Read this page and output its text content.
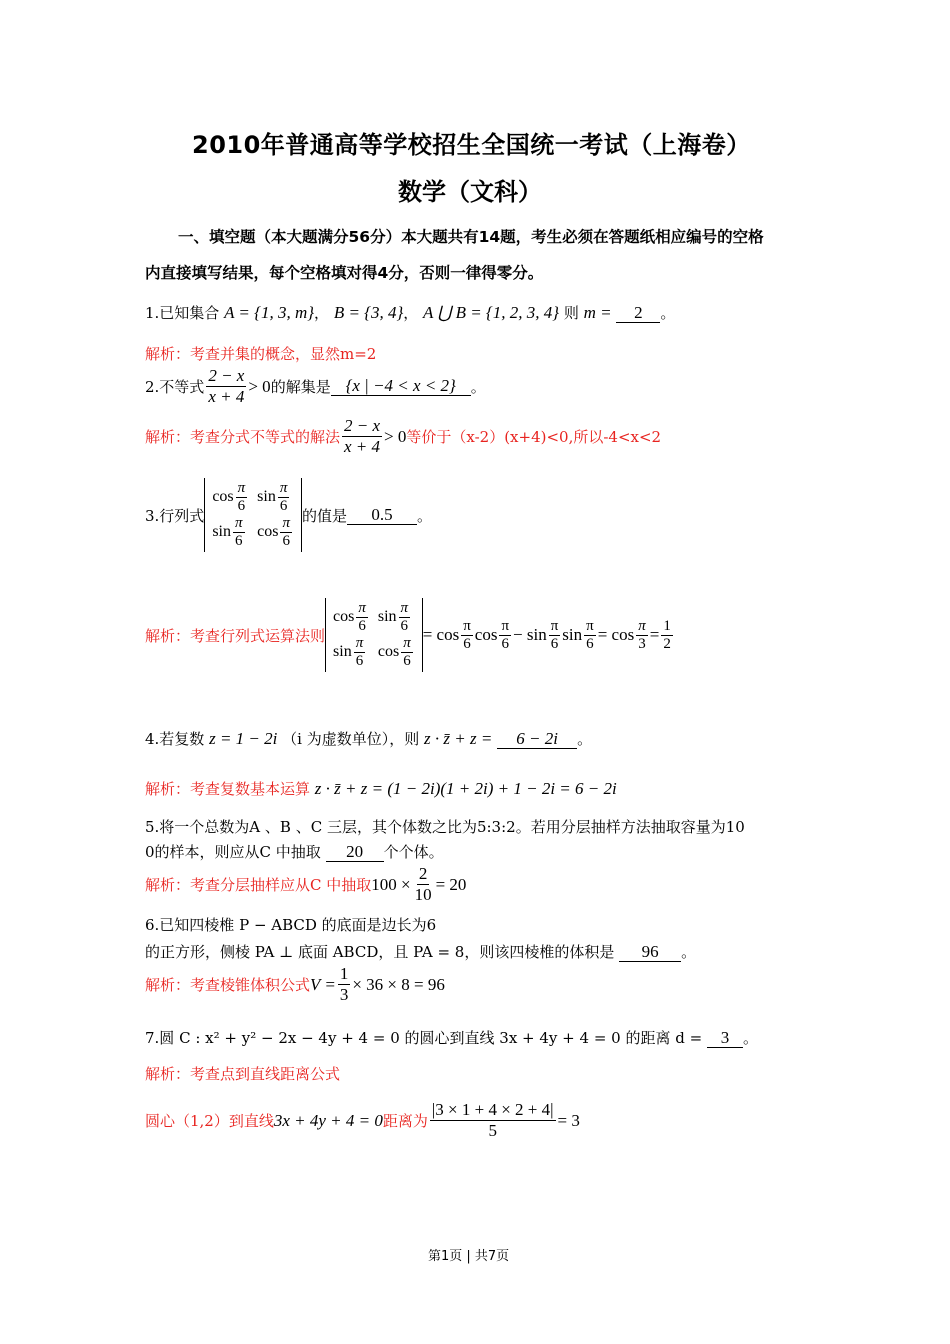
2010年普通高等学校招生全国统一考试（上海卷）
数学（文科）
一、填空题（本大题满分56分）本大题共有14题，考生必须在答题纸相应编号的空格
内直接填写结果，每个空格填对得4分，否则一律得零分。
1.已知集合 A = {1, 3, m}， B = {3, 4}， A ⋃ B = {1, 2, 3, 4} 则 m = 2 。
解析：考查并集的概念，显然m=2
2.不等式 $\frac{2 - x}{x + 4} > 0$ 的解集是 {x | −4 < x < 2} 。
解析：考查分式不等式的解法 $\frac{2 - x}{x + 4} > 0$ 等价于（x-2）(x+4)<0,所以-4<x<2
3.行列式
$\cos \frac{\pi}{6}$	$\sin \frac{\pi}{6}$

$\sin \frac{\pi}{6}$	$\cos \frac{\pi}{6}$ 的值是	0.5	。
解析：考查行列式运算法则
$\cos \frac{\pi}{6}$	$\sin \frac{\pi}{6}$

$\sin \frac{\pi}{6}$	$\cos \frac{\pi}{6}$
= $\cos \frac{\pi}{6}$ $\cos \frac{\pi}{6} - \sin \frac{\pi}{6}$ $\sin \frac{\pi}{6} = \cos \frac{\pi}{3} = \frac{1}{2}$
4.若复数 z = 1 − 2i （i 为虚数单位），则 z · z̄ + z = 6 − 2i 。
解析：考查复数基本运算 z · z̄ + z = (1 − 2i)(1 + 2i) + 1 − 2i = 6 − 2i
5.将一个总数为A 、B 、C 三层，其个体数之比为5:3:2。若用分层抽样方法抽取容量为10
0的样本，则应从C 中抽取 20 个个体。
解析：考查分层抽样应从C 中抽取 $100 \times \frac{2}{10} = 20$
6.已知四棱椎 P − ABCD 的底面是边长为6
的正方形，侧棱 PA ⊥ 底面 ABCD，且 PA = 8，则该四棱椎的体积是 96 。
解析：考查棱锥体积公式 $V = \frac{1}{3} \times 36 \times 8 = 96$
7.圆 C : x² + y² − 2x − 4y + 4 = 0 的圆心到直线 3x + 4y + 4 = 0 的距离 d = 3 。
解析：考查点到直线距离公式
圆心（1,2）到直线 3x + 4y + 4 = 0 距离为 $\frac{|3 \times 1 + 4 \times 2 + 4|}{5} = 3$
第1页 | 共7页
